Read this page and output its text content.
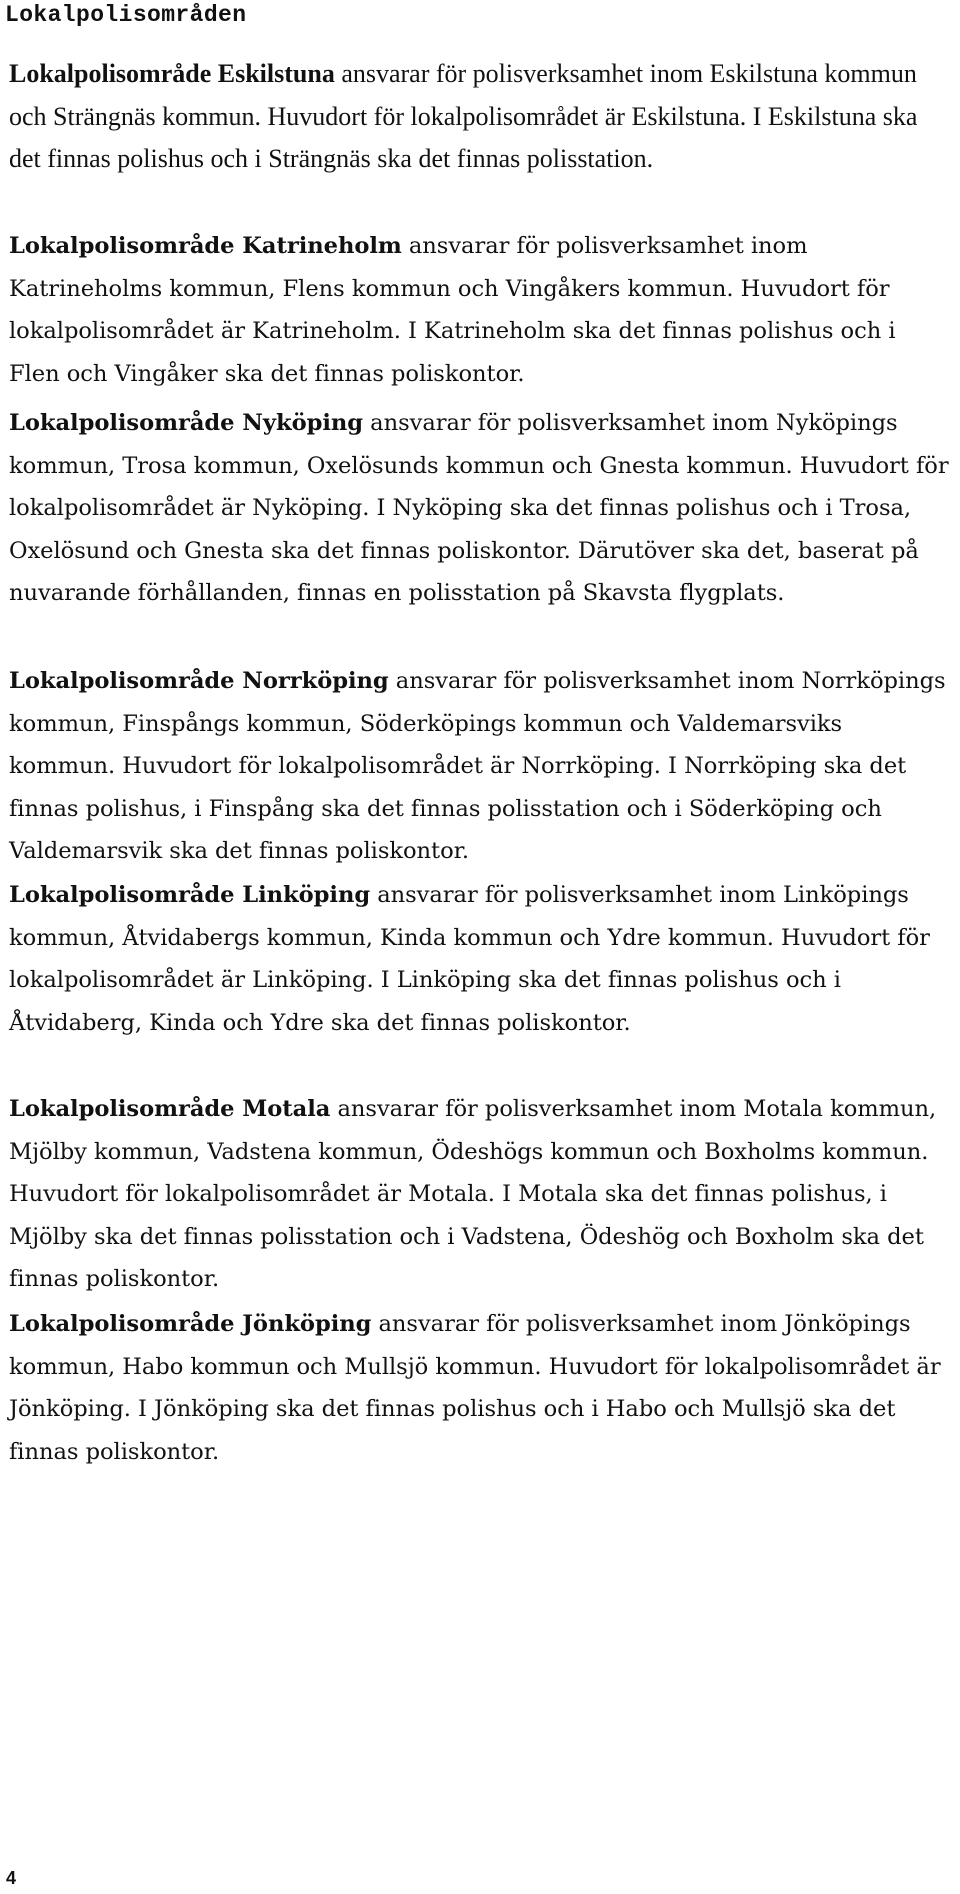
Lokalpolisområden

Lokalpolisområde Eskilstuna ansvarar för polisverksamhet inom Eskilstuna kommun och Strängnäs kommun. Huvudort för lokalpolisområdet är Eskilstuna. I Eskilstuna ska det finnas polishus och i Strängnäs ska det finnas polisstation.

Lokalpolisområde Katrineholm ansvarar för polisverksamhet inom Katrineholms kommun, Flens kommun och Vingåkers kommun. Huvudort för lokalpolisområdet är Katrineholm. I Katrineholm ska det finnas polishus och i Flen och Vingåker ska det finnas poliskontor.

Lokalpolisområde Nyköping ansvarar för polisverksamhet inom Nyköpings kommun, Trosa kommun, Oxelösunds kommun och Gnesta kommun. Huvudort för lokalpolisområdet är Nyköping. I Nyköping ska det finnas polishus och i Trosa, Oxelösund och Gnesta ska det finnas poliskontor. Därutöver ska det, baserat på nuvarande förhållanden, finnas en polisstation på Skavsta flygplats.

Lokalpolisområde Norrköping ansvarar för polisverksamhet inom Norrköpings kommun, Finspångs kommun, Söderköpings kommun och Valdemarsviks kommun. Huvudort för lokalpolisområdet är Norrköping. I Norrköping ska det finnas polishus, i Finspång ska det finnas polisstation och i Söderköping och Valdemarsvik ska det finnas poliskontor.

Lokalpolisområde Linköping ansvarar för polisverksamhet inom Linköpings kommun, Åtvidabergs kommun, Kinda kommun och Ydre kommun. Huvudort för lokalpolisområdet är Linköping. I Linköping ska det finnas polishus och i Åtvidaberg, Kinda och Ydre ska det finnas poliskontor.

Lokalpolisområde Motala ansvarar för polisverksamhet inom Motala kommun, Mjölby kommun, Vadstena kommun, Ödeshögs kommun och Boxholms kommun. Huvudort för lokalpolisområdet är Motala. I Motala ska det finnas polishus, i Mjölby ska det finnas polisstation och i Vadstena, Ödeshög och Boxholm ska det finnas poliskontor.

Lokalpolisområde Jönköping ansvarar för polisverksamhet inom Jönköpings kommun, Habo kommun och Mullsjö kommun. Huvudort för lokalpolisområdet är Jönköping. I Jönköping ska det finnas polishus och i Habo och Mullsjö ska det finnas poliskontor.

4
